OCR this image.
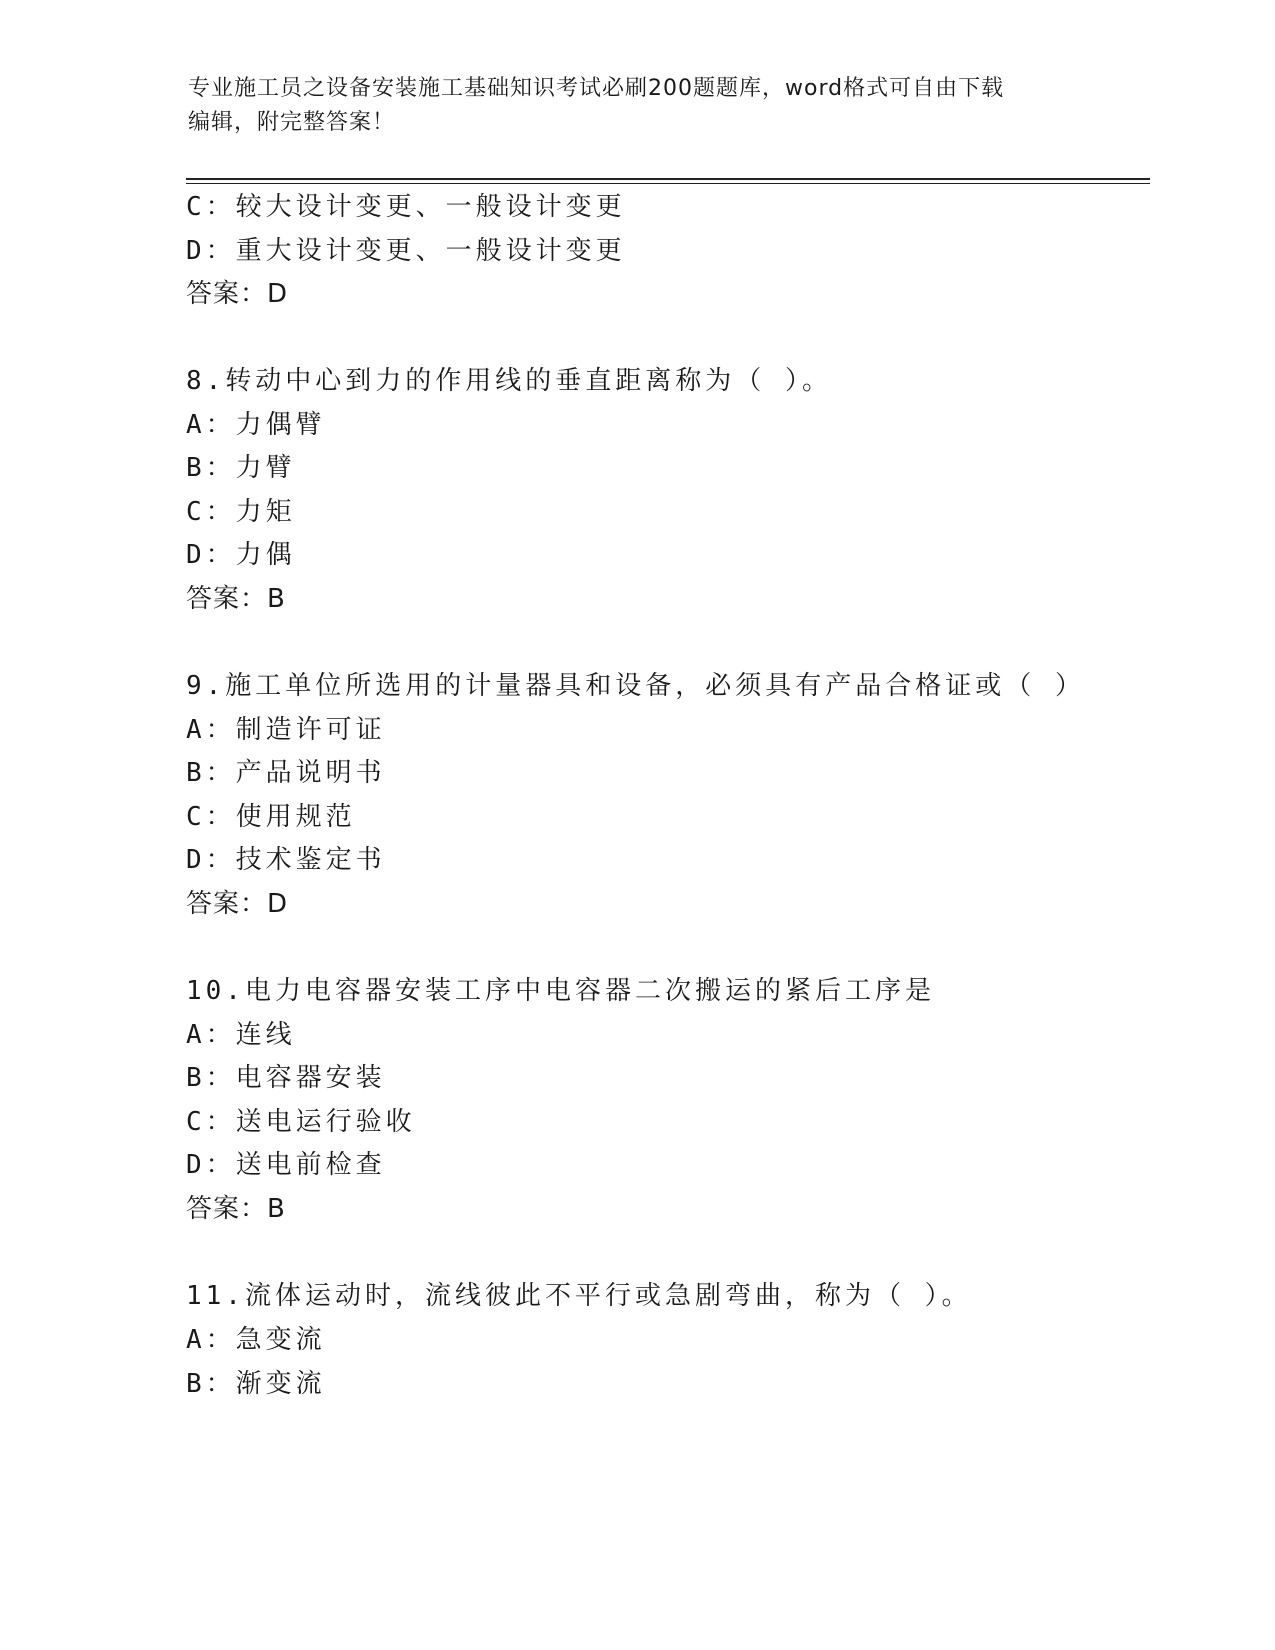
专业施工员之设备安装施工基础知识考试必刷200题题库，word格式可自由下载
编辑，附完整答案！
C：较大设计变更、一般设计变更
D：重大设计变更、一般设计变更
答案：D
8.转动中心到力的作用线的垂直距离称为（ ）。
A：力偶臂
B：力臂
C：力矩
D：力偶
答案：B
9.施工单位所选用的计量器具和设备，必须具有产品合格证或（ ）
A：制造许可证
B：产品说明书
C：使用规范
D：技术鉴定书
答案：D
10.电力电容器安装工序中电容器二次搬运的紧后工序是
A：连线
B：电容器安装
C：送电运行验收
D：送电前检查
答案：B
11.流体运动时，流线彼此不平行或急剧弯曲，称为（ ）。
A：急变流
B：渐变流
